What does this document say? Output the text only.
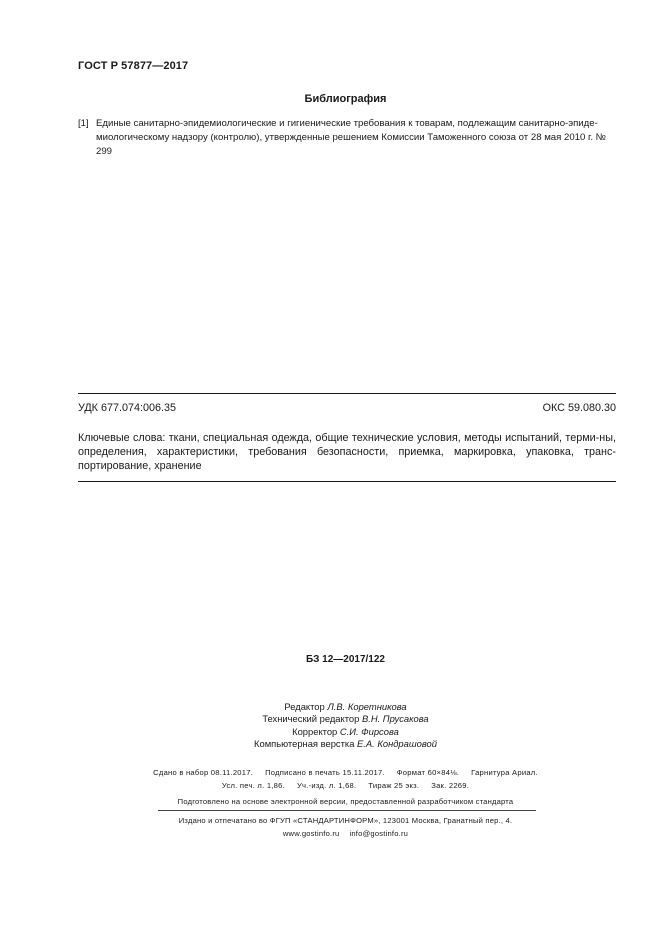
ГОСТ Р 57877—2017
Библиография
[1] Единые санитарно-эпидемиологические и гигиенические требования к товарам, подлежащим санитарно-эпиде-миологическому надзору (контролю), утвержденные решением Комиссии Таможенного союза от 28 мая 2010 г. № 299
УДК 677.074:006.35	ОКС 59.080.30
Ключевые слова: ткани, специальная одежда, общие технические условия, методы испытаний, терми-ны, определения, характеристики, требования безопасности, приемка, маркировка, упаковка, транс-портирование, хранение
БЗ 12—2017/122
Редактор Л.В. Коретникова
Технический редактор В.Н. Прусакова
Корректор С.И. Фирсова
Компьютерная верстка Е.А. Кондрашовой
Сдано в набор 08.11.2017. Подписано в печать 15.11.2017. Формат 60×84⅛. Гарнитура Ариал.
Усл. печ. л. 1,86. Уч.-изд. л. 1,68. Тираж 25 экз. Зак. 2269.
Подготовлено на основе электронной версии, предоставленной разработчиком стандарта
Издано и отпечатано во ФГУП «СТАНДАРТИНФОРМ», 123001 Москва, Гранатный пер., 4.
www.gostinfo.ru info@gostinfo.ru
